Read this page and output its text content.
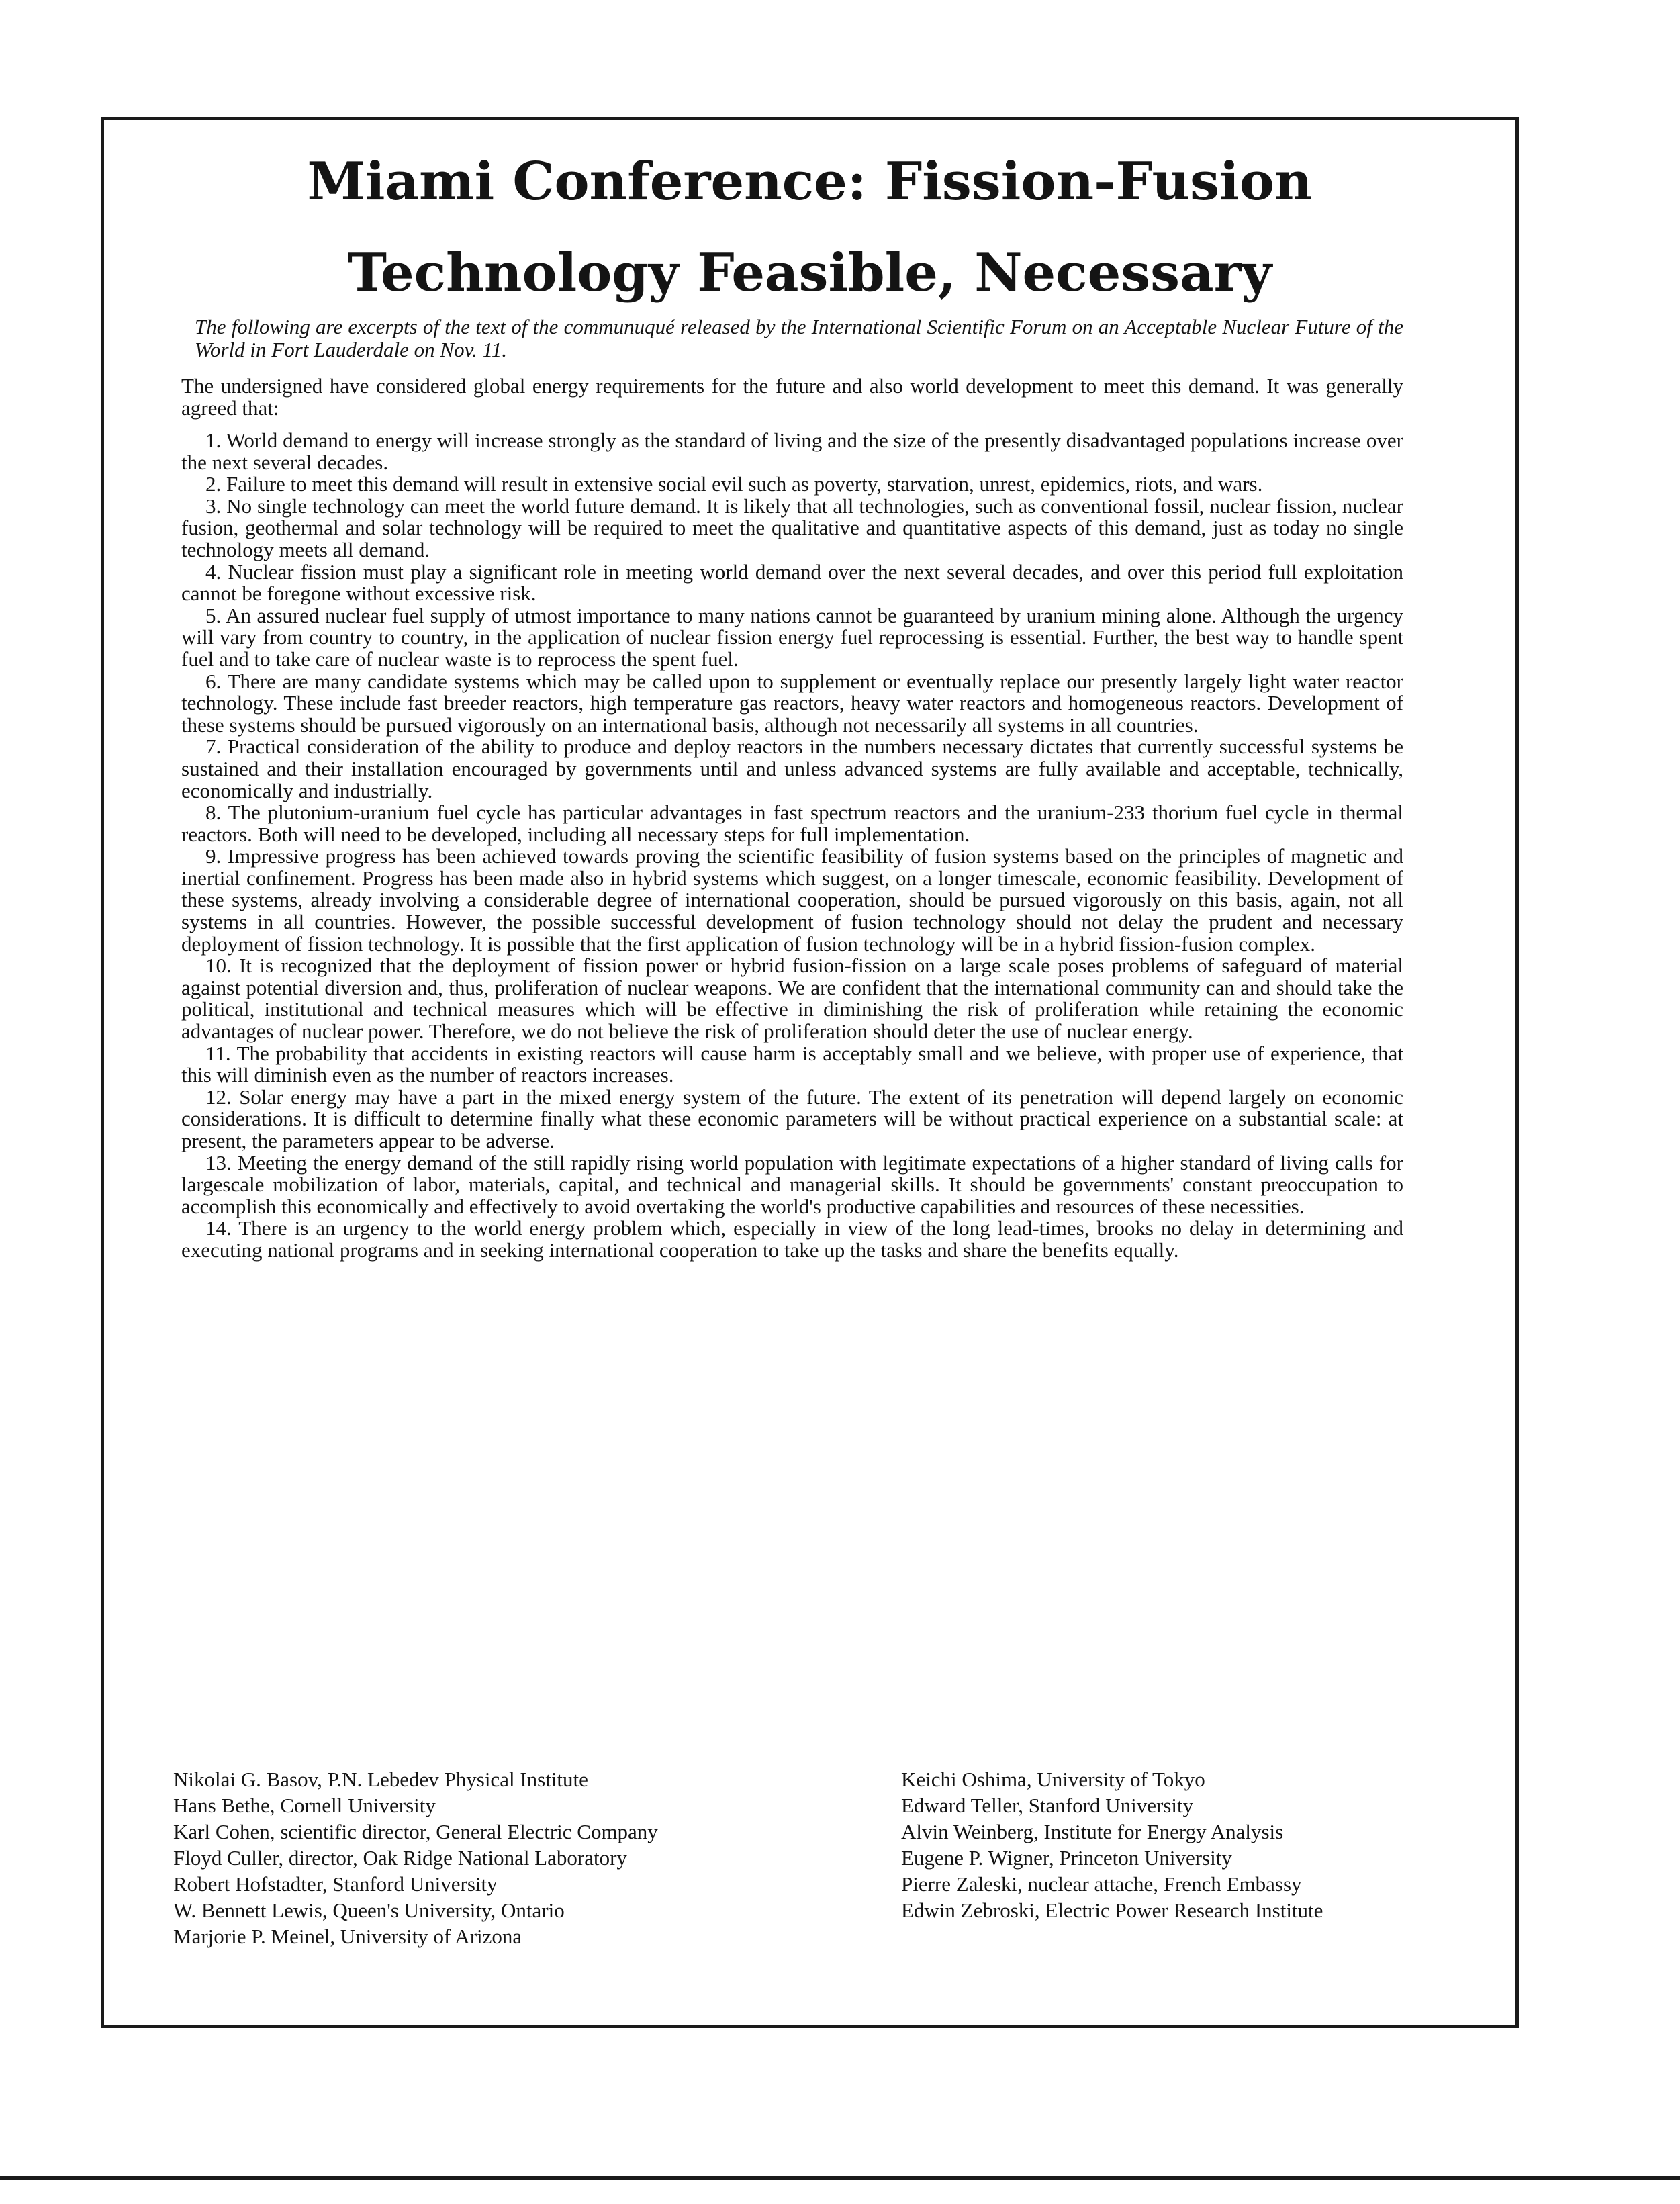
Miami Conference: Fission-Fusion
Technology Feasible, Necessary

The following are excerpts of the text of the communuqué released by the International Scientific Forum on an Acceptable Nuclear Future of the World in Fort Lauderdale on Nov. 11.

The undersigned have considered global energy requirements for the future and also world development to meet this demand. It was generally agreed that:

1. World demand to energy will increase strongly as the standard of living and the size of the presently disadvantaged populations increase over the next several decades.
2. Failure to meet this demand will result in extensive social evil such as poverty, starvation, unrest, epidemics, riots, and wars.
3. No single technology can meet the world future demand. It is likely that all technologies, such as conventional fossil, nuclear fission, nuclear fusion, geothermal and solar technology will be required to meet the qualitative and quantitative aspects of this demand, just as today no single technology meets all demand.
4. Nuclear fission must play a significant role in meeting world demand over the next several decades, and over this period full exploitation cannot be foregone without excessive risk.
5. An assured nuclear fuel supply of utmost importance to many nations cannot be guaranteed by uranium mining alone. Although the urgency will vary from country to country, in the application of nuclear fission energy fuel reprocessing is essential. Further, the best way to handle spent fuel and to take care of nuclear waste is to reprocess the spent fuel.
6. There are many candidate systems which may be called upon to supplement or eventually replace our presently largely light water reactor technology. These include fast breeder reactors, high temperature gas reactors, heavy water reactors and homogeneous reactors. Development of these systems should be pursued vigorously on an international basis, although not necessarily all systems in all countries.
7. Practical consideration of the ability to produce and deploy reactors in the numbers necessary dictates that currently successful systems be sustained and their installation encouraged by governments until and unless advanced systems are fully available and acceptable, technically, economically and industrially.
8. The plutonium-uranium fuel cycle has particular advantages in fast spectrum reactors and the uranium-233 thorium fuel cycle in thermal reactors. Both will need to be developed, including all necessary steps for full implementation.
9. Impressive progress has been achieved towards proving the scientific feasibility of fusion systems based on the principles of magnetic and inertial confinement. Progress has been made also in hybrid systems which suggest, on a longer timescale, economic feasibility. Development of these systems, already involving a considerable degree of international cooperation, should be pursued vigorously on this basis, again, not all systems in all countries. However, the possible successful development of fusion technology should not delay the prudent and necessary deployment of fission technology. It is possible that the first application of fusion technology will be in a hybrid fission-fusion complex.
10. It is recognized that the deployment of fission power or hybrid fusion-fission on a large scale poses problems of safeguard of material against potential diversion and, thus, proliferation of nuclear weapons. We are confident that the international community can and should take the political, institutional and technical measures which will be effective in diminishing the risk of proliferation while retaining the economic advantages of nuclear power. Therefore, we do not believe the risk of proliferation should deter the use of nuclear energy.
11. The probability that accidents in existing reactors will cause harm is acceptably small and we believe, with proper use of experience, that this will diminish even as the number of reactors increases.
12. Solar energy may have a part in the mixed energy system of the future. The extent of its penetration will depend largely on economic considerations. It is difficult to determine finally what these economic parameters will be without practical experience on a substantial scale: at present, the parameters appear to be adverse.
13. Meeting the energy demand of the still rapidly rising world population with legitimate expectations of a higher standard of living calls for largescale mobilization of labor, materials, capital, and technical and managerial skills. It should be governments' constant preoccupation to accomplish this economically and effectively to avoid overtaking the world's productive capabilities and resources of these necessities.
14. There is an urgency to the world energy problem which, especially in view of the long lead-times, brooks no delay in determining and executing national programs and in seeking international cooperation to take up the tasks and share the benefits equally.
Nikolai G. Basov, P.N. Lebedev Physical Institute
Hans Bethe, Cornell University
Karl Cohen, scientific director, General Electric Company
Floyd Culler, director, Oak Ridge National Laboratory
Robert Hofstadter, Stanford University
W. Bennett Lewis, Queen's University, Ontario
Marjorie P. Meinel, University of Arizona
Keichi Oshima, University of Tokyo
Edward Teller, Stanford University
Alvin Weinberg, Institute for Energy Analysis
Eugene P. Wigner, Princeton University
Pierre Zaleski, nuclear attache, French Embassy
Edwin Zebroski, Electric Power Research Institute
